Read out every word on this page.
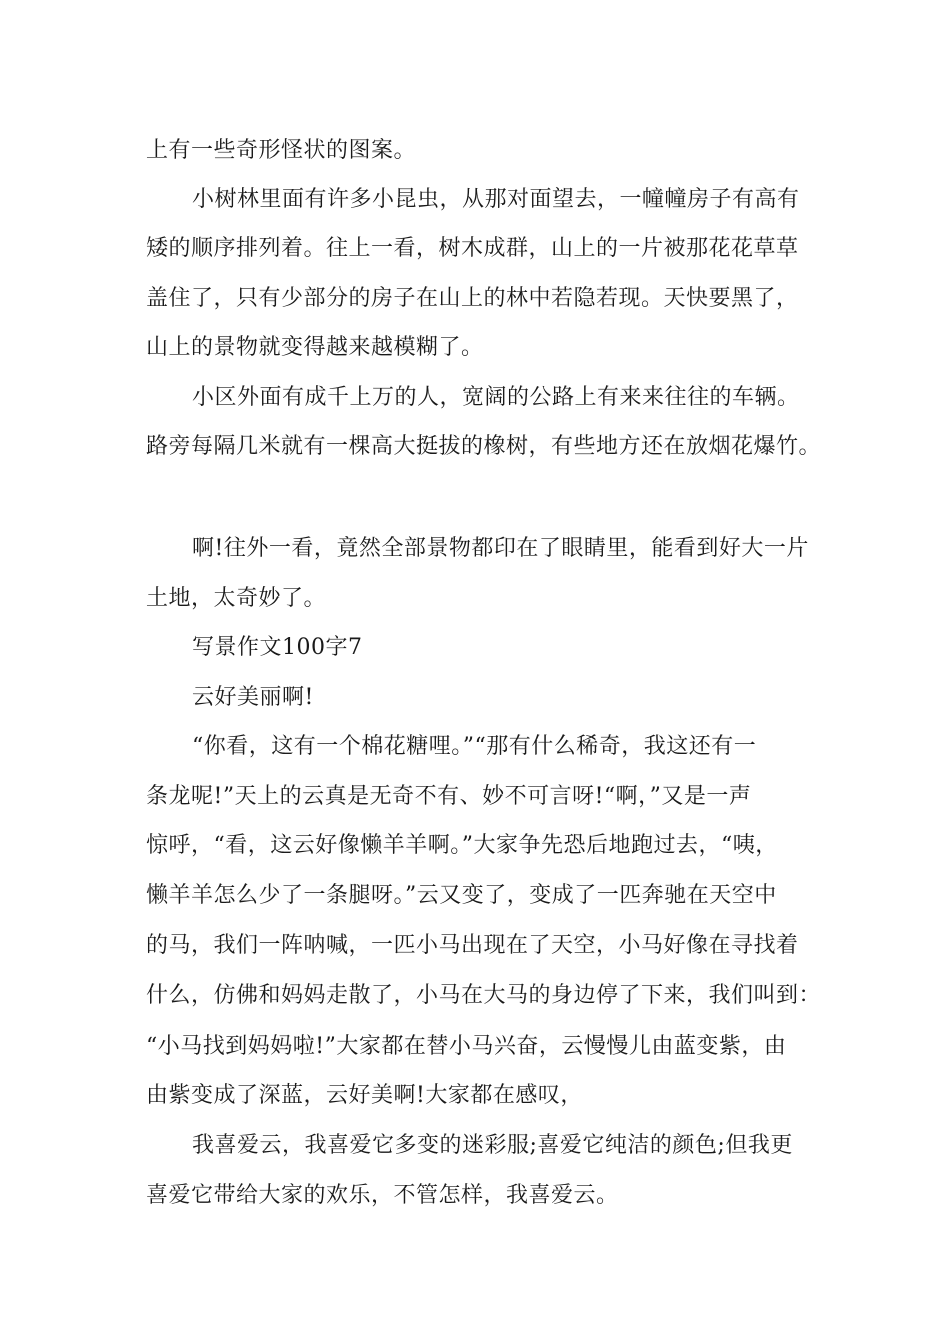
上有一些奇形怪状的图案。
小树林里面有许多小昆虫，从那对面望去，一幢幢房子有高有
矮的顺序排列着。往上一看，树木成群，山上的一片被那花花草草
盖住了，只有少部分的房子在山上的林中若隐若现。天快要黑了，
山上的景物就变得越来越模糊了。
小区外面有成千上万的人，宽阔的公路上有来来往往的车辆。
路旁每隔几米就有一棵高大挺拔的橡树，有些地方还在放烟花爆竹。
啊!往外一看，竟然全部景物都印在了眼睛里，能看到好大一片
土地，太奇妙了。
写景作文100字7
云好美丽啊!
“你看，这有一个棉花糖哩。”“那有什么稀奇，我这还有一
条龙呢!”天上的云真是无奇不有、妙不可言呀!“啊，”又是一声
惊呼，“看，这云好像懒羊羊啊。”大家争先恐后地跑过去，“咦，
懒羊羊怎么少了一条腿呀。”云又变了，变成了一匹奔驰在天空中
的马，我们一阵呐喊，一匹小马出现在了天空，小马好像在寻找着
什么，仿佛和妈妈走散了，小马在大马的身边停了下来，我们叫到：
“小马找到妈妈啦!”大家都在替小马兴奋，云慢慢儿由蓝变紫，由
由紫变成了深蓝，云好美啊!大家都在感叹，
我喜爱云，我喜爱它多变的迷彩服;喜爱它纯洁的颜色;但我更
喜爱它带给大家的欢乐，不管怎样，我喜爱云。
